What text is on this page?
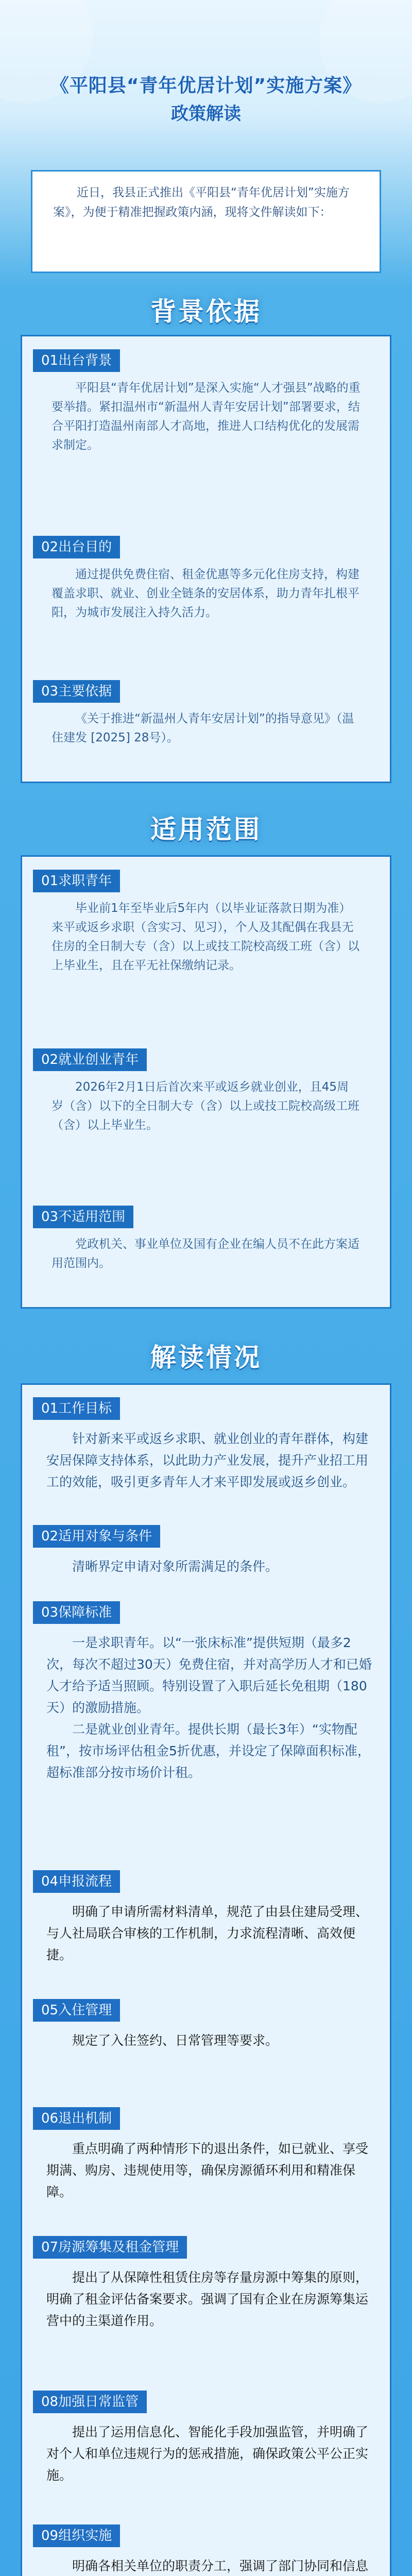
《平阳县“青年优居计划”实施方案》
政策解读

近日，我县正式推出《平阳县“青年优居计划”实施方案》，为便于精准把握政策内涵，现将文件解读如下：

背景依据
01出台背景

平阳县“青年优居计划”是深入实施“人才强县”战略的重要举措。紧扣温州市“新温州人青年安居计划”部署要求，结合平阳打造温州南部人才高地，推进人口结构优化的发展需求制定。

02出台目的

通过提供免费住宿、租金优惠等多元化住房支持，构建覆盖求职、就业、创业全链条的安居体系，助力青年扎根平阳，为城市发展注入持久活力。

03主要依据

《关于推进“新温州人青年安居计划”的指导意见》（温住建发 [2025] 28号）。

适用范围
01求职青年

毕业前1年至毕业后5年内（以毕业证落款日期为准）来平或返乡求职（含实习、见习），个人及其配偶在我县无住房的全日制大专（含）以上或技工院校高级工班（含）以上毕业生，且在平无社保缴纳记录。

02就业创业青年

2026年2月1日后首次来平或返乡就业创业，且45周岁（含）以下的全日制大专（含）以上或技工院校高级工班（含）以上毕业生。

03不适用范围

党政机关、事业单位及国有企业在编人员不在此方案适用范围内。

解读情况
01工作目标

针对新来平或返乡求职、就业创业的青年群体，构建安居保障支持体系，以此助力产业发展，提升产业招工用工的效能，吸引更多青年人才来平即发展或返乡创业。

02适用对象与条件

清晰界定申请对象所需满足的条件。

03保障标准

一是求职青年。以“一张床标准”提供短期（最多2次，每次不超过30天）免费住宿，并对高学历人才和已婚人才给予适当照顾。特别设置了入职后延长免租期（180天）的激励措施。

二是就业创业青年。提供长期（最长3年）“实物配租”，按市场评估租金5折优惠，并设定了保障面积标准，超标准部分按市场价计租。

04申报流程

明确了申请所需材料清单，规范了由县住建局受理、与人社局联合审核的工作机制，力求流程清晰、高效便捷。

05入住管理

规定了入住签约、日常管理等要求。

06退出机制

重点明确了两种情形下的退出条件，如已就业、享受期满、购房、违规使用等，确保房源循环利用和精准保障。

07房源筹集及租金管理

提出了从保障性租赁住房等存量房源中筹集的原则，明确了租金评估备案要求。强调了国有企业在房源筹集运营中的主渠道作用。

08加强日常监管

提出了运用信息化、智能化手段加强监管，并明确了对个人和单位违规行为的惩戒措施，确保政策公平公正实施。

09组织实施

明确各相关单位的职责分工，强调了部门协同和信息
